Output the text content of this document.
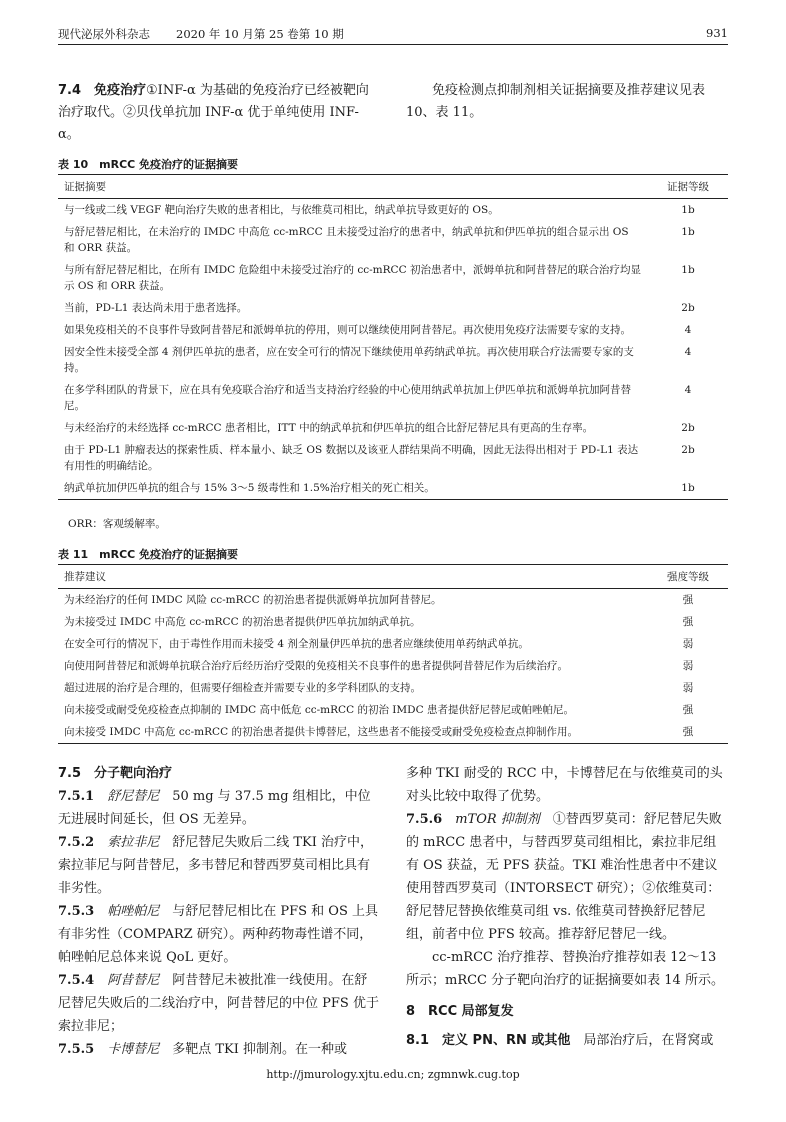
现代泌尿外科杂志 2020 年 10 月第 25 卷第 10 期	931

7.4　免疫治疗①INF-α 为基础的免疫治疗已经被靶向治疗取代。②贝伐单抗加 INF-α 优于单纯使用 INF-α。

免疫检测点抑制剂相关证据摘要及推荐建议见表 10、表 11。

表 10　mRCC 免疫治疗的证据摘要
证据摘要	证据等级
与一线或二线 VEGF 靶向治疗失败的患者相比，与依维莫司相比，纳武单抗导致更好的 OS。	1b
与舒尼替尼相比，在未治疗的 IMDC 中高危 cc-mRCC 且未接受过治疗的患者中，纳武单抗和伊匹单抗的组合显示出 OS 和 ORR 获益。	1b
与所有舒尼替尼相比，在所有 IMDC 危险组中未接受过治疗的 cc-mRCC 初治患者中，派姆单抗和阿昔替尼的联合治疗均显示 OS 和 ORR 获益。	1b
当前，PD-L1 表达尚未用于患者选择。	2b
如果免疫相关的不良事件导致阿昔替尼和派姆单抗的停用，则可以继续使用阿昔替尼。再次使用免疫疗法需要专家的支持。	4
因安全性未接受全部 4 剂伊匹单抗的患者，应在安全可行的情况下继续使用单药纳武单抗。再次使用联合疗法需要专家的支持。	4
在多学科团队的背景下，应在具有免疫联合治疗和适当支持治疗经验的中心使用纳武单抗加上伊匹单抗和派姆单抗加阿昔替尼。	4
与未经治疗的未经选择 cc-mRCC 患者相比，ITT 中的纳武单抗和伊匹单抗的组合比舒尼替尼具有更高的生存率。	2b
由于 PD-L1 肿瘤表达的探索性质、样本量小、缺乏 OS 数据以及该亚人群结果尚不明确，因此无法得出相对于 PD-L1 表达有用性的明确结论。	2b
纳武单抗加伊匹单抗的组合与 15% 3～5 级毒性和 1.5%治疗相关的死亡相关。	1b
ORR：客观缓解率。
表 11　mRCC 免疫治疗的证据摘要
推荐建议	强度等级
为未经治疗的任何 IMDC 风险 cc-mRCC 的初治患者提供派姆单抗加阿昔替尼。	强
为未接受过 IMDC 中高危 cc-mRCC 的初治患者提供伊匹单抗加纳武单抗。	强
在安全可行的情况下，由于毒性作用而未接受 4 剂全剂量伊匹单抗的患者应继续使用单药纳武单抗。	弱
向使用阿昔替尼和派姆单抗联合治疗后经历治疗受限的免疫相关不良事件的患者提供阿昔替尼作为后续治疗。	弱
超过进展的治疗是合理的，但需要仔细检查并需要专业的多学科团队的支持。	弱
向未接受或耐受免疫检查点抑制的 IMDC 高中低危 cc-mRCC 的初治 IMDC 患者提供舒尼替尼或帕唑帕尼。	强
向未接受 IMDC 中高危 cc-mRCC 的初治患者提供卡博替尼，这些患者不能接受或耐受免疫检查点抑制作用。	强

7.5　分子靶向治疗

7.5.1　舒尼替尼　50 mg 与 37.5 mg 组相比，中位无进展时间延长，但 OS 无差异。

7.5.2　索拉非尼　舒尼替尼失败后二线 TKI 治疗中，索拉菲尼与阿昔替尼，多韦替尼和替西罗莫司相比具有非劣性。

7.5.3　帕唑帕尼　与舒尼替尼相比在 PFS 和 OS 上具有非劣性（COMPARZ 研究）。两种药物毒性谱不同，帕唑帕尼总体来说 QoL 更好。

7.5.4　阿昔替尼　阿昔替尼未被批准一线使用。在舒尼替尼失败后的二线治疗中，阿昔替尼的中位 PFS 优于索拉非尼；

7.5.5　卡博替尼　多靶点 TKI 抑制剂。在一种或

多种 TKI 耐受的 RCC 中，卡博替尼在与依维莫司的头对头比较中取得了优势。

7.5.6　mTOR 抑制剂　①替西罗莫司：舒尼替尼失败的 mRCC 患者中，与替西罗莫司组相比，索拉非尼组有 OS 获益，无 PFS 获益。TKI 难治性患者中不建议使用替西罗莫司（INTORSECT 研究）；②依维莫司：舒尼替尼替换依维莫司组 vs. 依维莫司替换舒尼替尼组，前者中位 PFS 较高。推荐舒尼替尼一线。

cc-mRCC 治疗推荐、替换治疗推荐如表 12～13 所示；mRCC 分子靶向治疗的证据摘要如表 14 所示。

8　RCC 局部复发

8.1　定义 PN、RN 或其他　局部治疗后，在肾窝或

http://jmurology.xjtu.edu.cn; zgmnwk.cug.top
